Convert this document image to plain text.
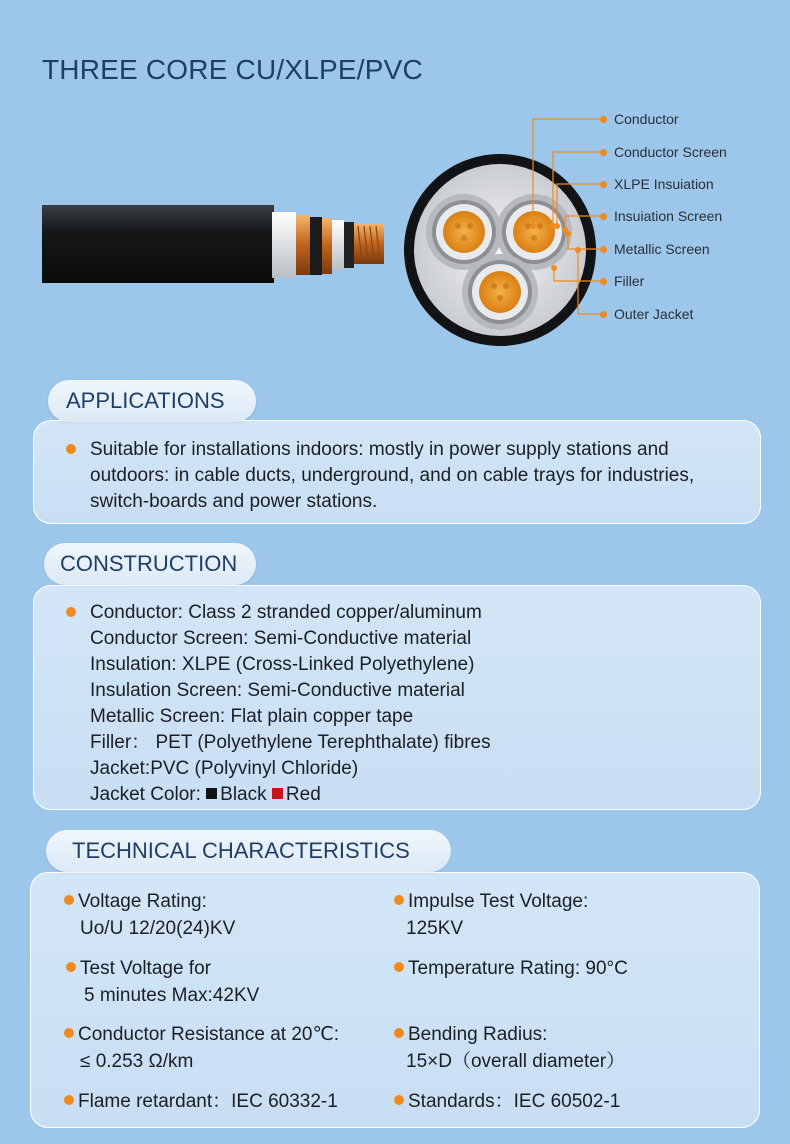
THREE CORE CU/XLPE/PVC
Conductor
Conductor Screen
XLPE Insuiation
Insuiation Screen
Metallic Screen
Filler
Outer Jacket
Suitable for installations indoors: mostly in power supply stations and outdoors: in cable ducts, underground, and on cable trays for industries, switch-boards and power stations.
APPLICATIONS
Conductor: Class 2 stranded copper/aluminum
Conductor Screen: Semi-Conductive material
Insulation: XLPE (Cross-Linked Polyethylene)
Insulation Screen: Semi-Conductive material
Metallic Screen: Flat plain copper tape
Filler： PET (Polyethylene Terephthalate) fibres
Jacket:PVC (Polyvinyl Chloride)
Jacket Color: Black Red
CONSTRUCTION
TECHNICAL CHARACTERISTICS
Voltage Rating:
Uo/U 12/20(24)KV
Impulse Test Voltage:
125KV
Test Voltage for
5 minutes Max:42KV
Temperature Rating: 90°C
Conductor Resistance at 20℃:
≤ 0.253 Ω/km
Bending Radius:
15×D（overall diameter）
Flame retardant：IEC 60332-1	Standards：IEC 60502-1
